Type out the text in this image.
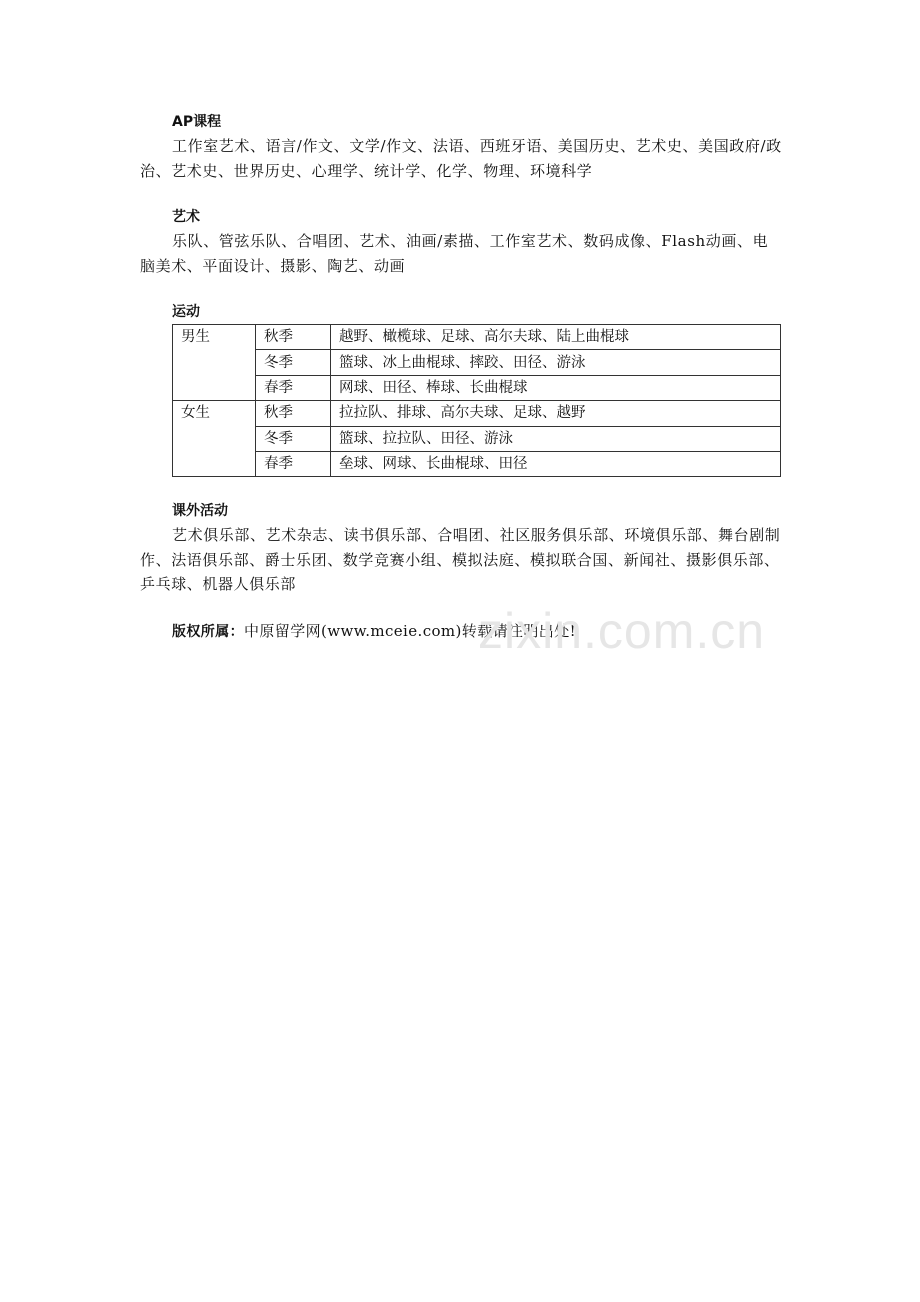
AP课程

工作室艺术、语言/作文、文学/作文、法语、西班牙语、美国历史、艺术史、美国政府/政治、艺术史、世界历史、心理学、统计学、化学、物理、环境科学

艺术

乐队、管弦乐队、合唱团、艺术、油画/素描、工作室艺术、数码成像、Flash动画、电脑美术、平面设计、摄影、陶艺、动画

运动
男生	秋季	越野、橄榄球、足球、高尔夫球、陆上曲棍球
	冬季	篮球、冰上曲棍球、摔跤、田径、游泳
	春季	网球、田径、棒球、长曲棍球
女生	秋季	拉拉队、排球、高尔夫球、足球、越野
	冬季	篮球、拉拉队、田径、游泳
	春季	垒球、网球、长曲棍球、田径
课外活动

艺术俱乐部、艺术杂志、读书俱乐部、合唱团、社区服务俱乐部、环境俱乐部、舞台剧制作、法语俱乐部、爵士乐团、数学竞赛小组、模拟法庭、模拟联合国、新闻社、摄影俱乐部、乒乓球、机器人俱乐部

版权所属：中原留学网(www.mceie.com)转载请注明出处!
zixin.com.cn
